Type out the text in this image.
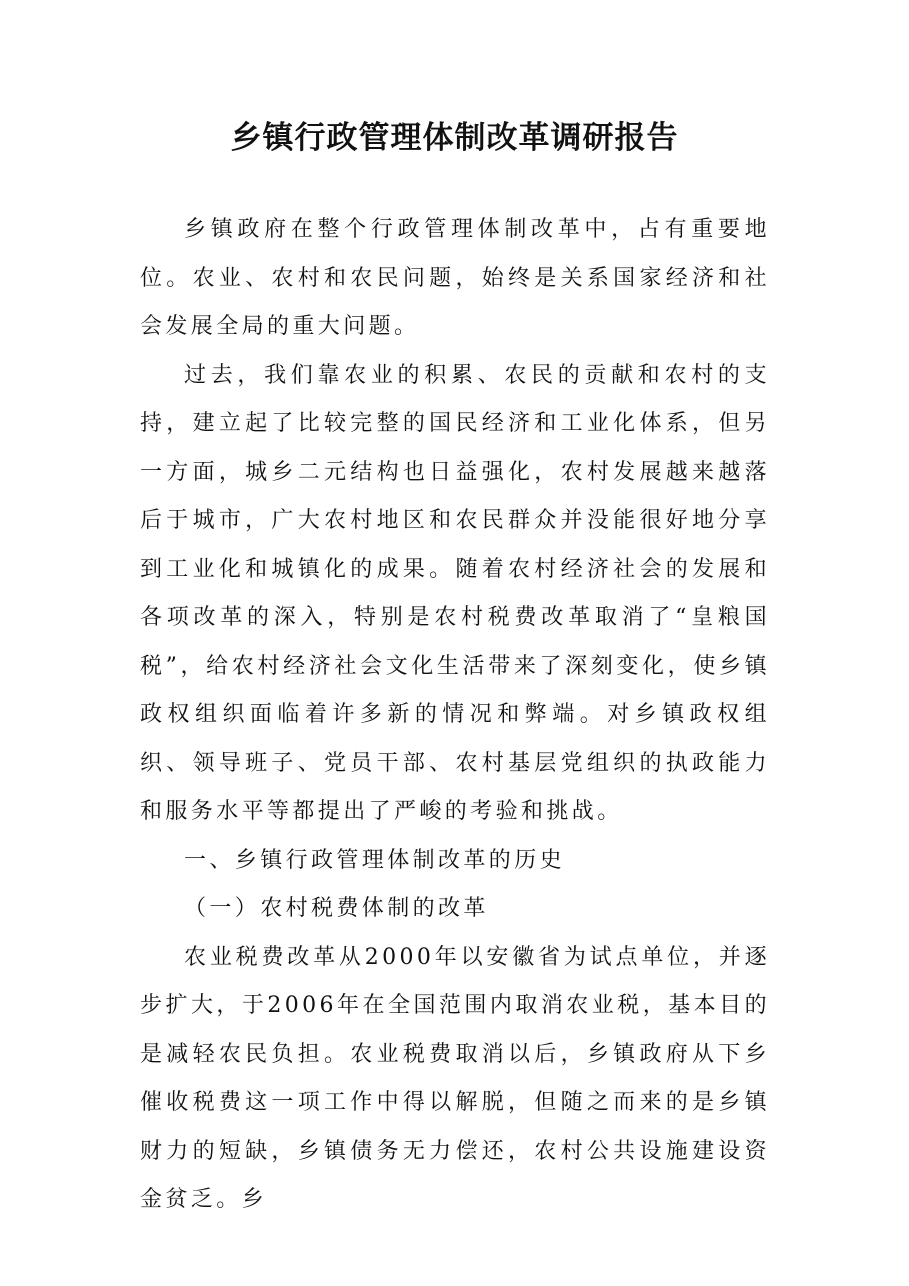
乡镇行政管理体制改革调研报告

乡镇政府在整个行政管理体制改革中，占有重要地位。农业、农村和农民问题，始终是关系国家经济和社会发展全局的重大问题。

过去，我们靠农业的积累、农民的贡献和农村的支持，建立起了比较完整的国民经济和工业化体系，但另一方面，城乡二元结构也日益强化，农村发展越来越落后于城市，广大农村地区和农民群众并没能很好地分享到工业化和城镇化的成果。随着农村经济社会的发展和各项改革的深入，特别是农村税费改革取消了“皇粮国税”，给农村经济社会文化生活带来了深刻变化，使乡镇政权组织面临着许多新的情况和弊端。对乡镇政权组织、领导班子、党员干部、农村基层党组织的执政能力和服务水平等都提出了严峻的考验和挑战。

一、乡镇行政管理体制改革的历史

（一）农村税费体制的改革

农业税费改革从2000年以安徽省为试点单位，并逐步扩大，于2006年在全国范围内取消农业税，基本目的是减轻农民负担。农业税费取消以后，乡镇政府从下乡催收税费这一项工作中得以解脱，但随之而来的是乡镇财力的短缺，乡镇债务无力偿还，农村公共设施建设资金贫乏。乡
